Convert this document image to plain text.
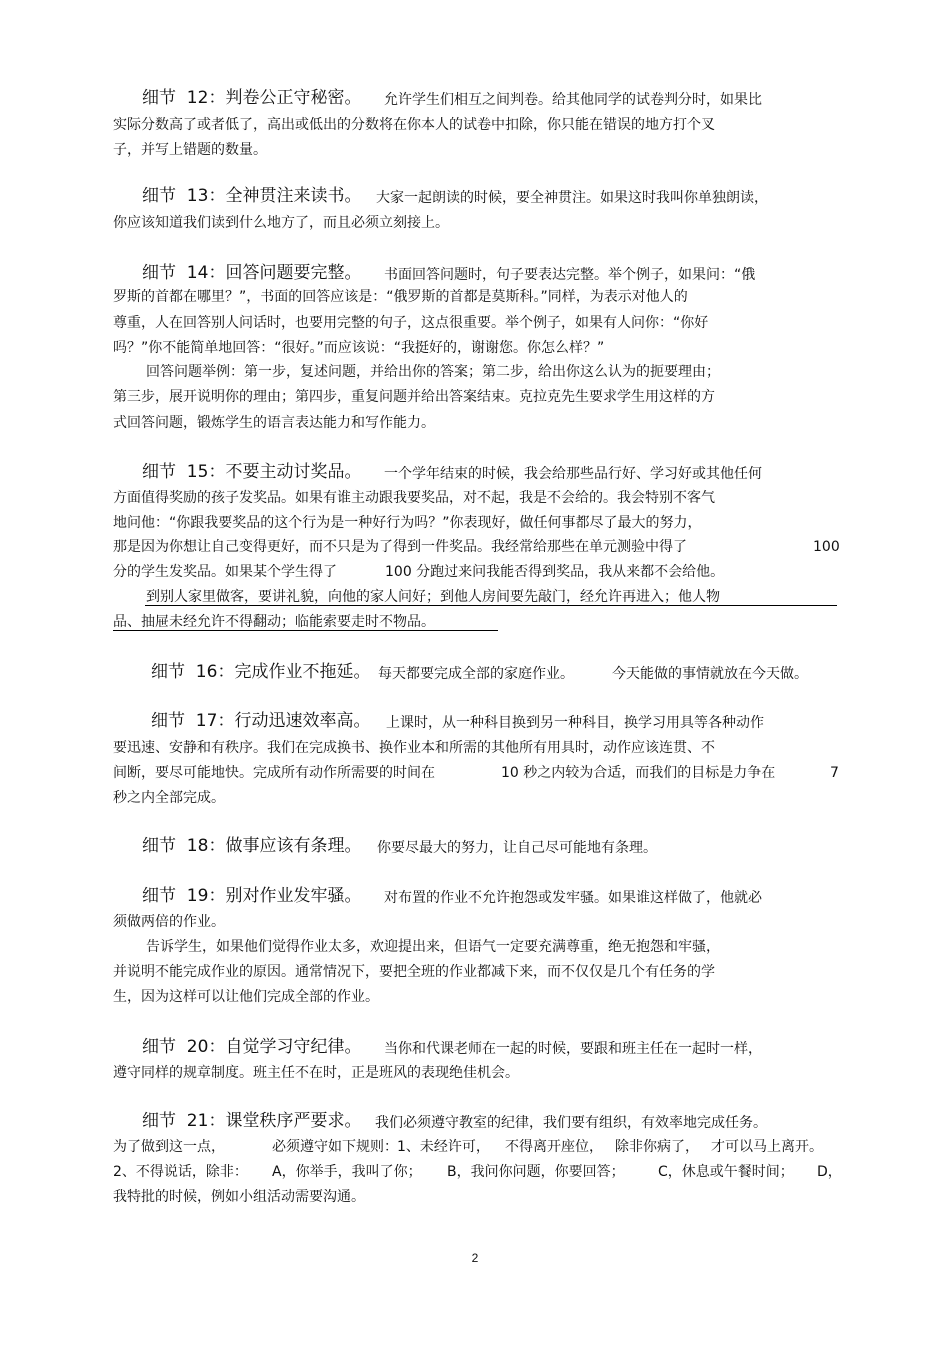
细节  12：判卷公正守秘密。 允许学生们相互之间判卷。给其他同学的试卷判分时，如果比
实际分数高了或者低了，高出或低出的分数将在你本人的试卷中扣除，你只能在错误的地方打个叉
子，并写上错题的数量。
细节  13：全神贯注来读书。 大家一起朗读的时候，要全神贯注。如果这时我叫你单独朗读，
你应该知道我们读到什么地方了，而且必须立刻接上。
细节  14：回答问题要完整。 书面回答问题时，句子要表达完整。举个例子，如果问：“俄
罗斯的首都在哪里？”，书面的回答应该是：“俄罗斯的首都是莫斯科。”同样，为表示对他人的
尊重，人在回答别人问话时，也要用完整的句子，这点很重要。举个例子，如果有人问你：“你好
吗？”你不能简单地回答：“很好。”而应该说：“我挺好的，谢谢您。你怎么样？”
回答问题举例：第一步，复述问题，并给出你的答案；第二步，给出你这么认为的扼要理由；
第三步，展开说明你的理由；第四步，重复问题并给出答案结束。克拉克先生要求学生用这样的方
式回答问题，锻炼学生的语言表达能力和写作能力。
细节  15：不要主动讨奖品。 一个学年结束的时候，我会给那些品行好、学习好或其他任何
方面值得奖励的孩子发奖品。如果有谁主动跟我要奖品，对不起，我是不会给的。我会特别不客气
地问他：“你跟我要奖品的这个行为是一种好行为吗？”你表现好，做任何事都尽了最大的努力，
那是因为你想让自己变得更好，而不只是为了得到一件奖品。我经常给那些在单元测验中得了	100
分的学生发奖品。如果某个学生得了	100 分跑过来问我能否得到奖品，我从来都不会给他。
到别人家里做客，要讲礼貌，向他的家人问好；到他人房间要先敲门，经允许再进入；他人物
品、抽屉未经允许不得翻动；临能索要走时不物品。
细节  16：完成作业不拖延。 每天都要完成全部的家庭作业。	今天能做的事情就放在今天做。
细节  17：行动迅速效率高。 上课时，从一种科目换到另一种科目，换学习用具等各种动作
要迅速、安静和有秩序。我们在完成换书、换作业本和所需的其他所有用具时，动作应该连贯、不
间断，要尽可能地快。完成所有动作所需要的时间在	10 秒之内较为合适，而我们的目标是力争在	7
秒之内全部完成。
细节  18：做事应该有条理。 你要尽最大的努力，让自己尽可能地有条理。
细节  19：别对作业发牢骚。 对布置的作业不允许抱怨或发牢骚。如果谁这样做了，他就必
须做两倍的作业。
告诉学生，如果他们觉得作业太多，欢迎提出来，但语气一定要充满尊重，绝无抱怨和牢骚，
并说明不能完成作业的原因。通常情况下，要把全班的作业都减下来，而不仅仅是几个有任务的学
生，因为这样可以让他们完成全部的作业。
细节  20：自觉学习守纪律。 当你和代课老师在一起的时候，要跟和班主任在一起时一样，
遵守同样的规章制度。班主任不在时，正是班风的表现绝佳机会。
细节  21：课堂秩序严要求。 我们必须遵守教室的纪律，我们要有组织，有效率地完成任务。
为了做到这一点，	必须遵守如下规则： 1、未经许可， 不得离开座位， 除非你病了， 才可以马上离开。
2、不得说话，除非： A，你举手，我叫了你； B，我问你问题，你要回答； C，休息或午餐时间； D，
我特批的时候，例如小组活动需要沟通。
2
